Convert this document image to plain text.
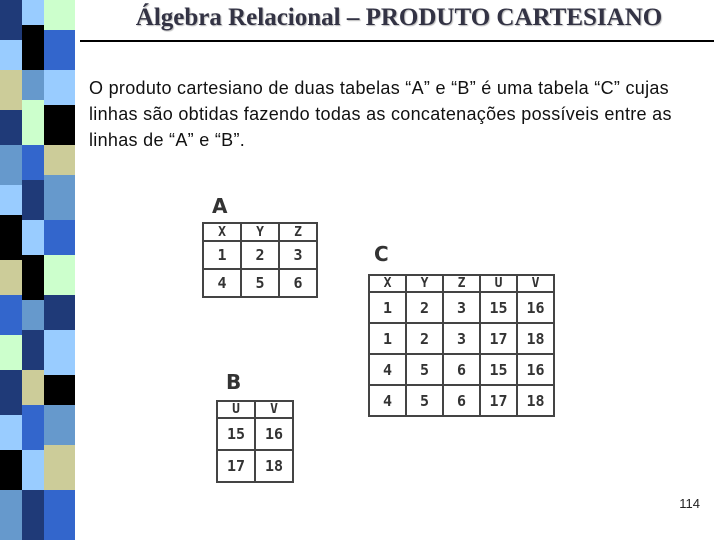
Álgebra Relacional – PRODUTO CARTESIANO
O produto cartesiano de duas tabelas “A” e “B” é uma tabela “C” cujas linhas são obtidas fazendo todas as concatenações possíveis entre as linhas de “A” e “B”.
A
X	Y	Z
1	2	3
4	5	6
B
U	V
15	16
17	18
C
X	Y	Z	U	V
1	2	3	15	16
1	2	3	17	18
4	5	6	15	16
4	5	6	17	18
114
